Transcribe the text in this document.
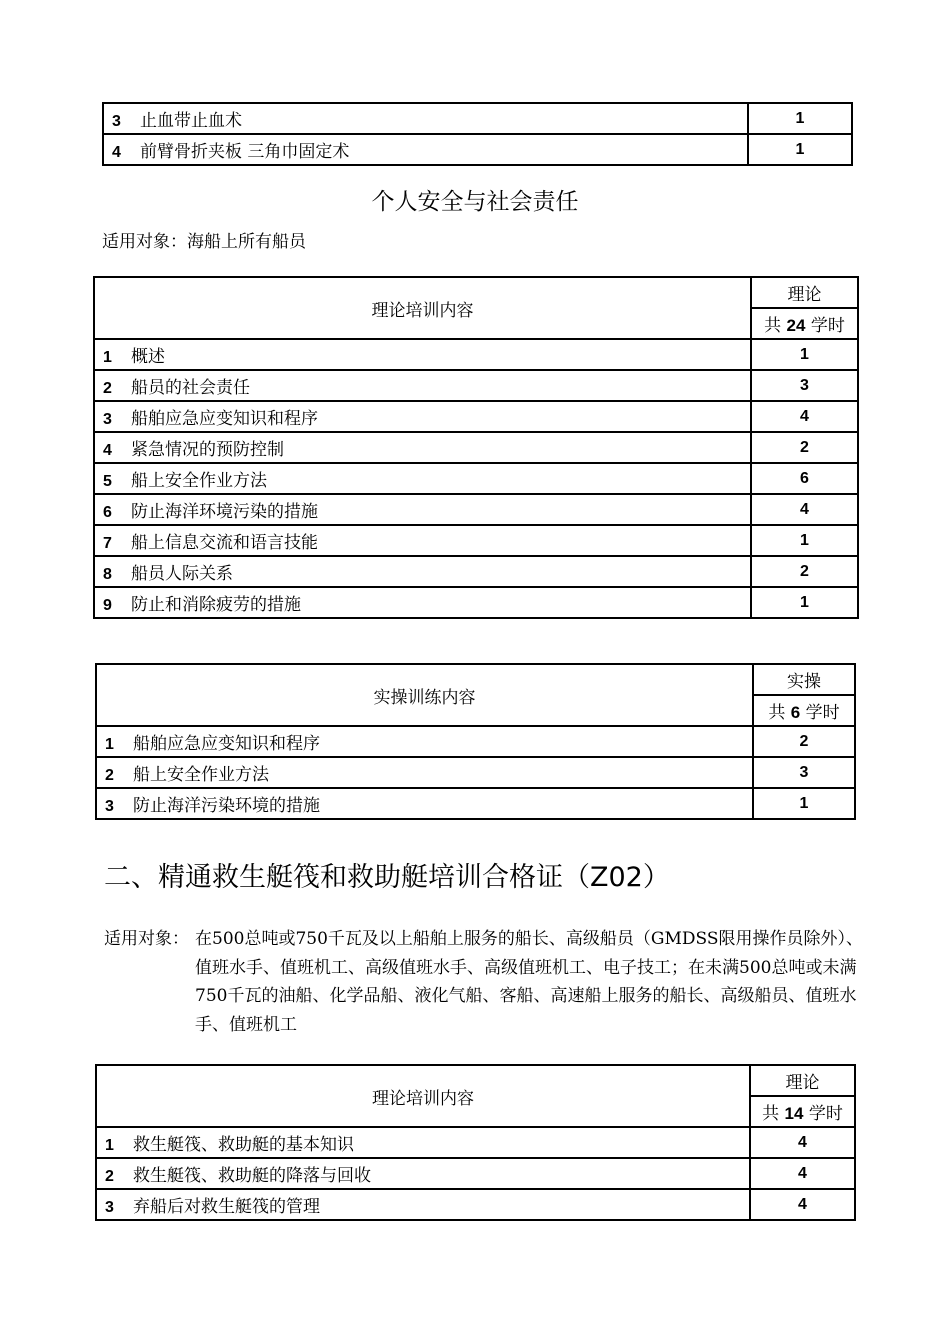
3 止血带止血术	1
4 前臂骨折夹板 三角巾固定术	1
个人安全与社会责任
适用对象：海船上所有船员
理论培训内容	理论
	共 24 学时
1 概述	1
2 船员的社会责任	3
3 船舶应急应变知识和程序	4
4 紧急情况的预防控制	2
5 船上安全作业方法	6
6 防止海洋环境污染的措施	4
7 船上信息交流和语言技能	1
8 船员人际关系	2
9 防止和消除疲劳的措施	1
实操训练内容	实操
	共 6 学时
1 船舶应急应变知识和程序	2
2 船上安全作业方法	3
3 防止海洋污染环境的措施	1
二、精通救生艇筏和救助艇培训合格证（Z02）
适用对象： 在500总吨或750千瓦及以上船舶上服务的船长、高级船员（GMDSS限用操作员除外）、值班水手、值班机工、高级值班水手、高级值班机工、电子技工；在未满500总吨或未满750千瓦的油船、化学品船、液化气船、客船、高速船上服务的船长、高级船员、值班水手、值班机工
理论培训内容	理论
	共 14 学时
1 救生艇筏、救助艇的基本知识	4
2 救生艇筏、救助艇的降落与回收	4
3 弃船后对救生艇筏的管理	4
